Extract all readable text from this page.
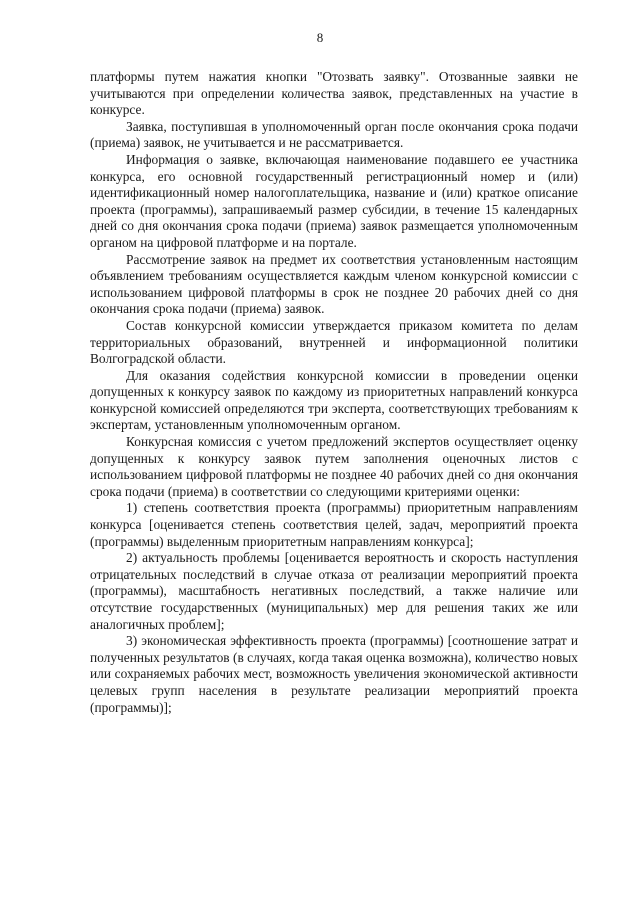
8

платформы путем нажатия кнопки "Отозвать заявку". Отозванные заявки не учитываются при определении количества заявок, представленных на участие в конкурсе.

Заявка, поступившая в уполномоченный орган после окончания срока подачи (приема) заявок, не учитывается и не рассматривается.

Информация о заявке, включающая наименование подавшего ее участника конкурса, его основной государственный регистрационный номер и (или) идентификационный номер налогоплательщика, название и (или) краткое описание проекта (программы), запрашиваемый размер субсидии, в течение 15 календарных дней со дня окончания срока подачи (приема) заявок размещается уполномоченным органом на цифровой платформе и на портале.

Рассмотрение заявок на предмет их соответствия установленным настоящим объявлением требованиям осуществляется каждым членом конкурсной комиссии с использованием цифровой платформы в срок не позднее 20 рабочих дней со дня окончания срока подачи (приема) заявок.

Состав конкурсной комиссии утверждается приказом комитета по делам территориальных образований, внутренней и информационной политики Волгоградской области.

Для оказания содействия конкурсной комиссии в проведении оценки допущенных к конкурсу заявок по каждому из приоритетных направлений конкурса конкурсной комиссией определяются три эксперта, соответствующих требованиям к экспертам, установленным уполномоченным органом.

Конкурсная комиссия с учетом предложений экспертов осуществляет оценку допущенных к конкурсу заявок путем заполнения оценочных листов с использованием цифровой платформы не позднее 40 рабочих дней со дня окончания срока подачи (приема) в соответствии со следующими критериями оценки:

1) степень соответствия проекта (программы) приоритетным направлениям конкурса [оценивается степень соответствия целей, задач, мероприятий проекта (программы) выделенным приоритетным направлениям конкурса];

2) актуальность проблемы [оценивается вероятность и скорость наступления отрицательных последствий в случае отказа от реализации мероприятий проекта (программы), масштабность негативных последствий, а также наличие или отсутствие государственных (муниципальных) мер для решения таких же или аналогичных проблем];

3) экономическая эффективность проекта (программы) [соотношение затрат и полученных результатов (в случаях, когда такая оценка возможна), количество новых или сохраняемых рабочих мест, возможность увеличения экономической активности целевых групп населения в результате реализации мероприятий проекта (программы)];
